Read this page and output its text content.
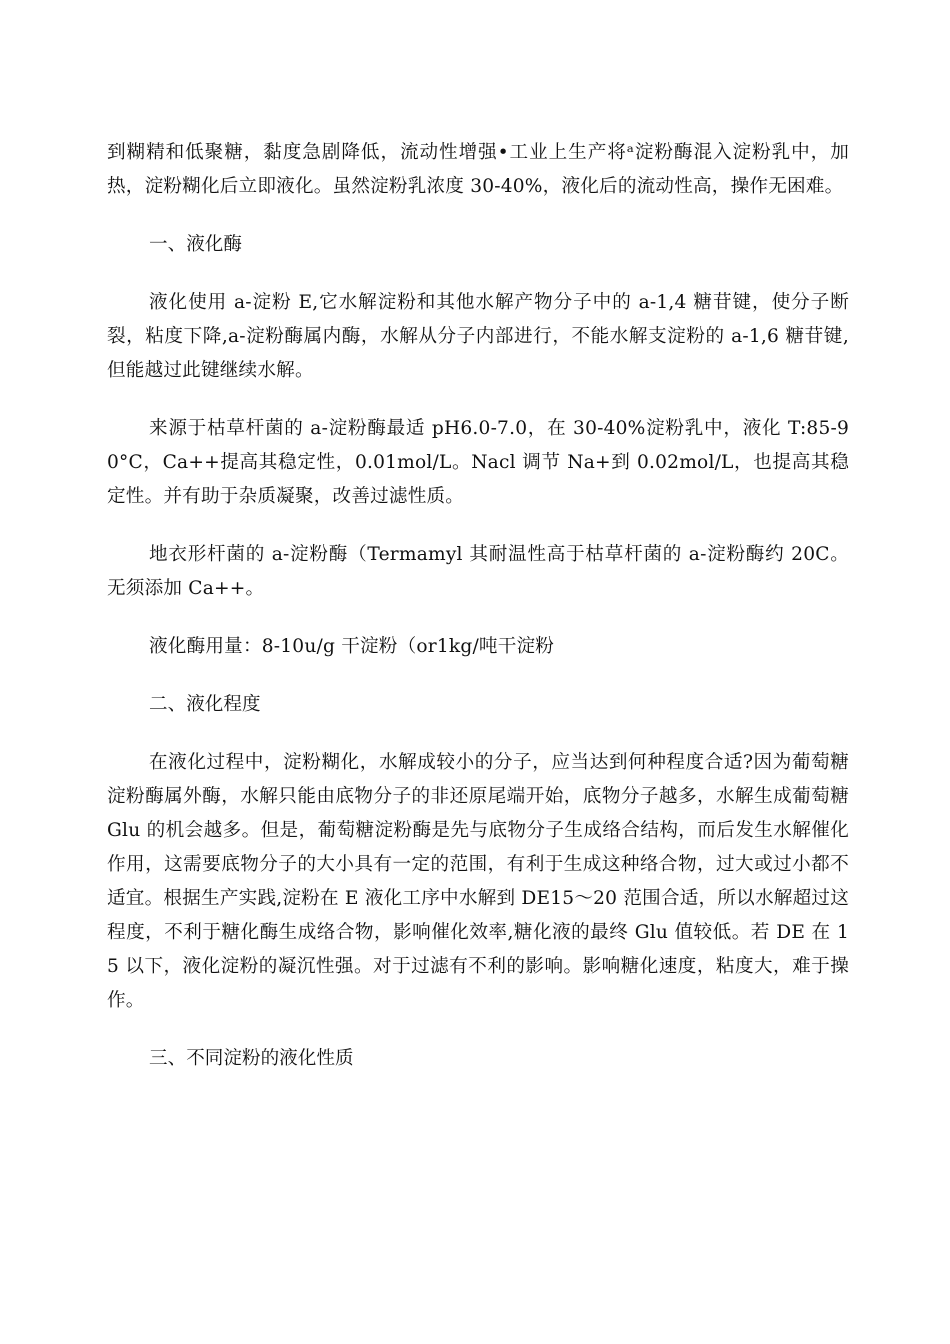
到糊精和低聚糖，黏度急剧降低，流动性增强•工业上生产将ᵃ淀粉酶混入淀粉乳中，加热，淀粉糊化后立即液化。虽然淀粉乳浓度 30-40%，液化后的流动性高，操作无困难。

一、液化酶

液化使用 a-淀粉 E,它水解淀粉和其他水解产物分子中的 a-1,4 糖苷键，使分子断裂，粘度下降,a-淀粉酶属内酶，水解从分子内部进行，不能水解支淀粉的 a-1,6 糖苷键,但能越过此键继续水解。

来源于枯草杆菌的 a-淀粉酶最适 pH6.0-7.0，在 30-40%淀粉乳中，液化 T:85-90°C，Ca++提高其稳定性，0.01mol/L。Nacl 调节 Na+到 0.02mol/L，也提高其稳定性。并有助于杂质凝聚，改善过滤性质。

地衣形杆菌的 a-淀粉酶（Termamyl 其耐温性高于枯草杆菌的 a-淀粉酶约 20C。无须添加 Ca++。

液化酶用量：8-10u/g 干淀粉（or1kg/吨干淀粉

二、液化程度

在液化过程中，淀粉糊化，水解成较小的分子，应当达到何种程度合适?因为葡萄糖淀粉酶属外酶，水解只能由底物分子的非还原尾端开始，底物分子越多，水解生成葡萄糖 Glu 的机会越多。但是，葡萄糖淀粉酶是先与底物分子生成络合结构，而后发生水解催化作用，这需要底物分子的大小具有一定的范围，有利于生成这种络合物，过大或过小都不适宜。根据生产实践,淀粉在 E 液化工序中水解到 DE15〜20 范围合适，所以水解超过这程度，不利于糖化酶生成络合物，影响催化效率,糖化液的最终 Glu 值较低。若 DE 在 15 以下，液化淀粉的凝沉性强。对于过滤有不利的影响。影响糖化速度，粘度大，难于操作。

三、不同淀粉的液化性质
